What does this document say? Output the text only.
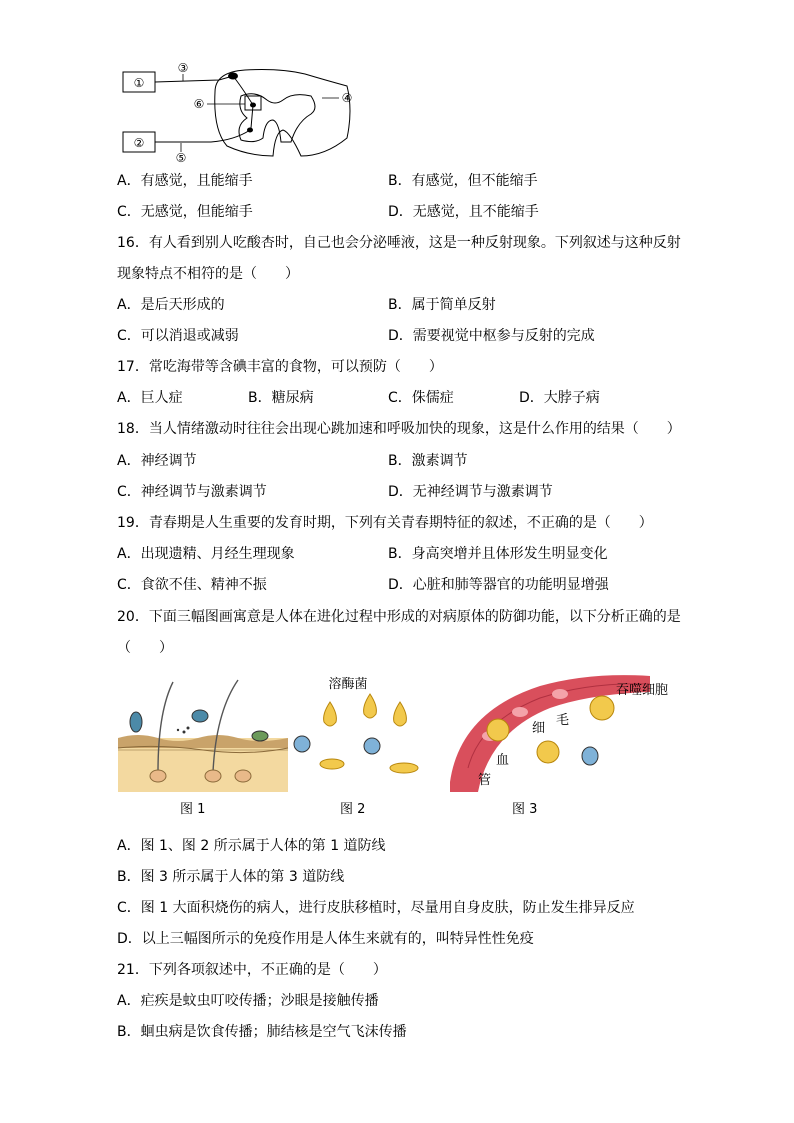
①
②
③
④
⑤
⑥
A．有感觉，且能缩手	B．有感觉，但不能缩手
C．无感觉，但能缩手	D．无感觉，且不能缩手
16．有人看到别人吃酸杏时，自己也会分泌唾液，这是一种反射现象。下列叙述与这种反射
现象特点不相符的是（　　）
A．是后天形成的	B．属于简单反射
C．可以消退或减弱	D．需要视觉中枢参与反射的完成
17．常吃海带等含碘丰富的食物，可以预防（　　）
A．巨人症	B．糖尿病	C．侏儒症	D．大脖子病
18．当人情绪激动时往往会出现心跳加速和呼吸加快的现象，这是什么作用的结果（　　）
A．神经调节	B．激素调节
C．神经调节与激素调节	D．无神经调节与激素调节
19．青春期是人生重要的发育时期，下列有关青春期特征的叙述，不正确的是（　　）
A．出现遗精、月经生理现象	B．身高突增并且体形发生明显变化
C．食欲不佳、精神不振	D．心脏和肺等器官的功能明显增强
20．下面三幅图画寓意是人体在进化过程中形成的对病原体的防御功能，以下分析正确的是
（　　）
溶酶菌	吞噬细胞
毛
细
血
管
图 1	图 2	图 3
A．图 1、图 2 所示属于人体的第 1 道防线
B．图 3 所示属于人体的第 3 道防线
C．图 1 大面积烧伤的病人，进行皮肤移植时，尽量用自身皮肤，防止发生排异反应
D．以上三幅图所示的免疫作用是人体生来就有的，叫特异性性免疫
21．下列各项叙述中，不正确的是（　　）
A．疟疾是蚊虫叮咬传播；沙眼是接触传播
B．蛔虫病是饮食传播；肺结核是空气飞沫传播
